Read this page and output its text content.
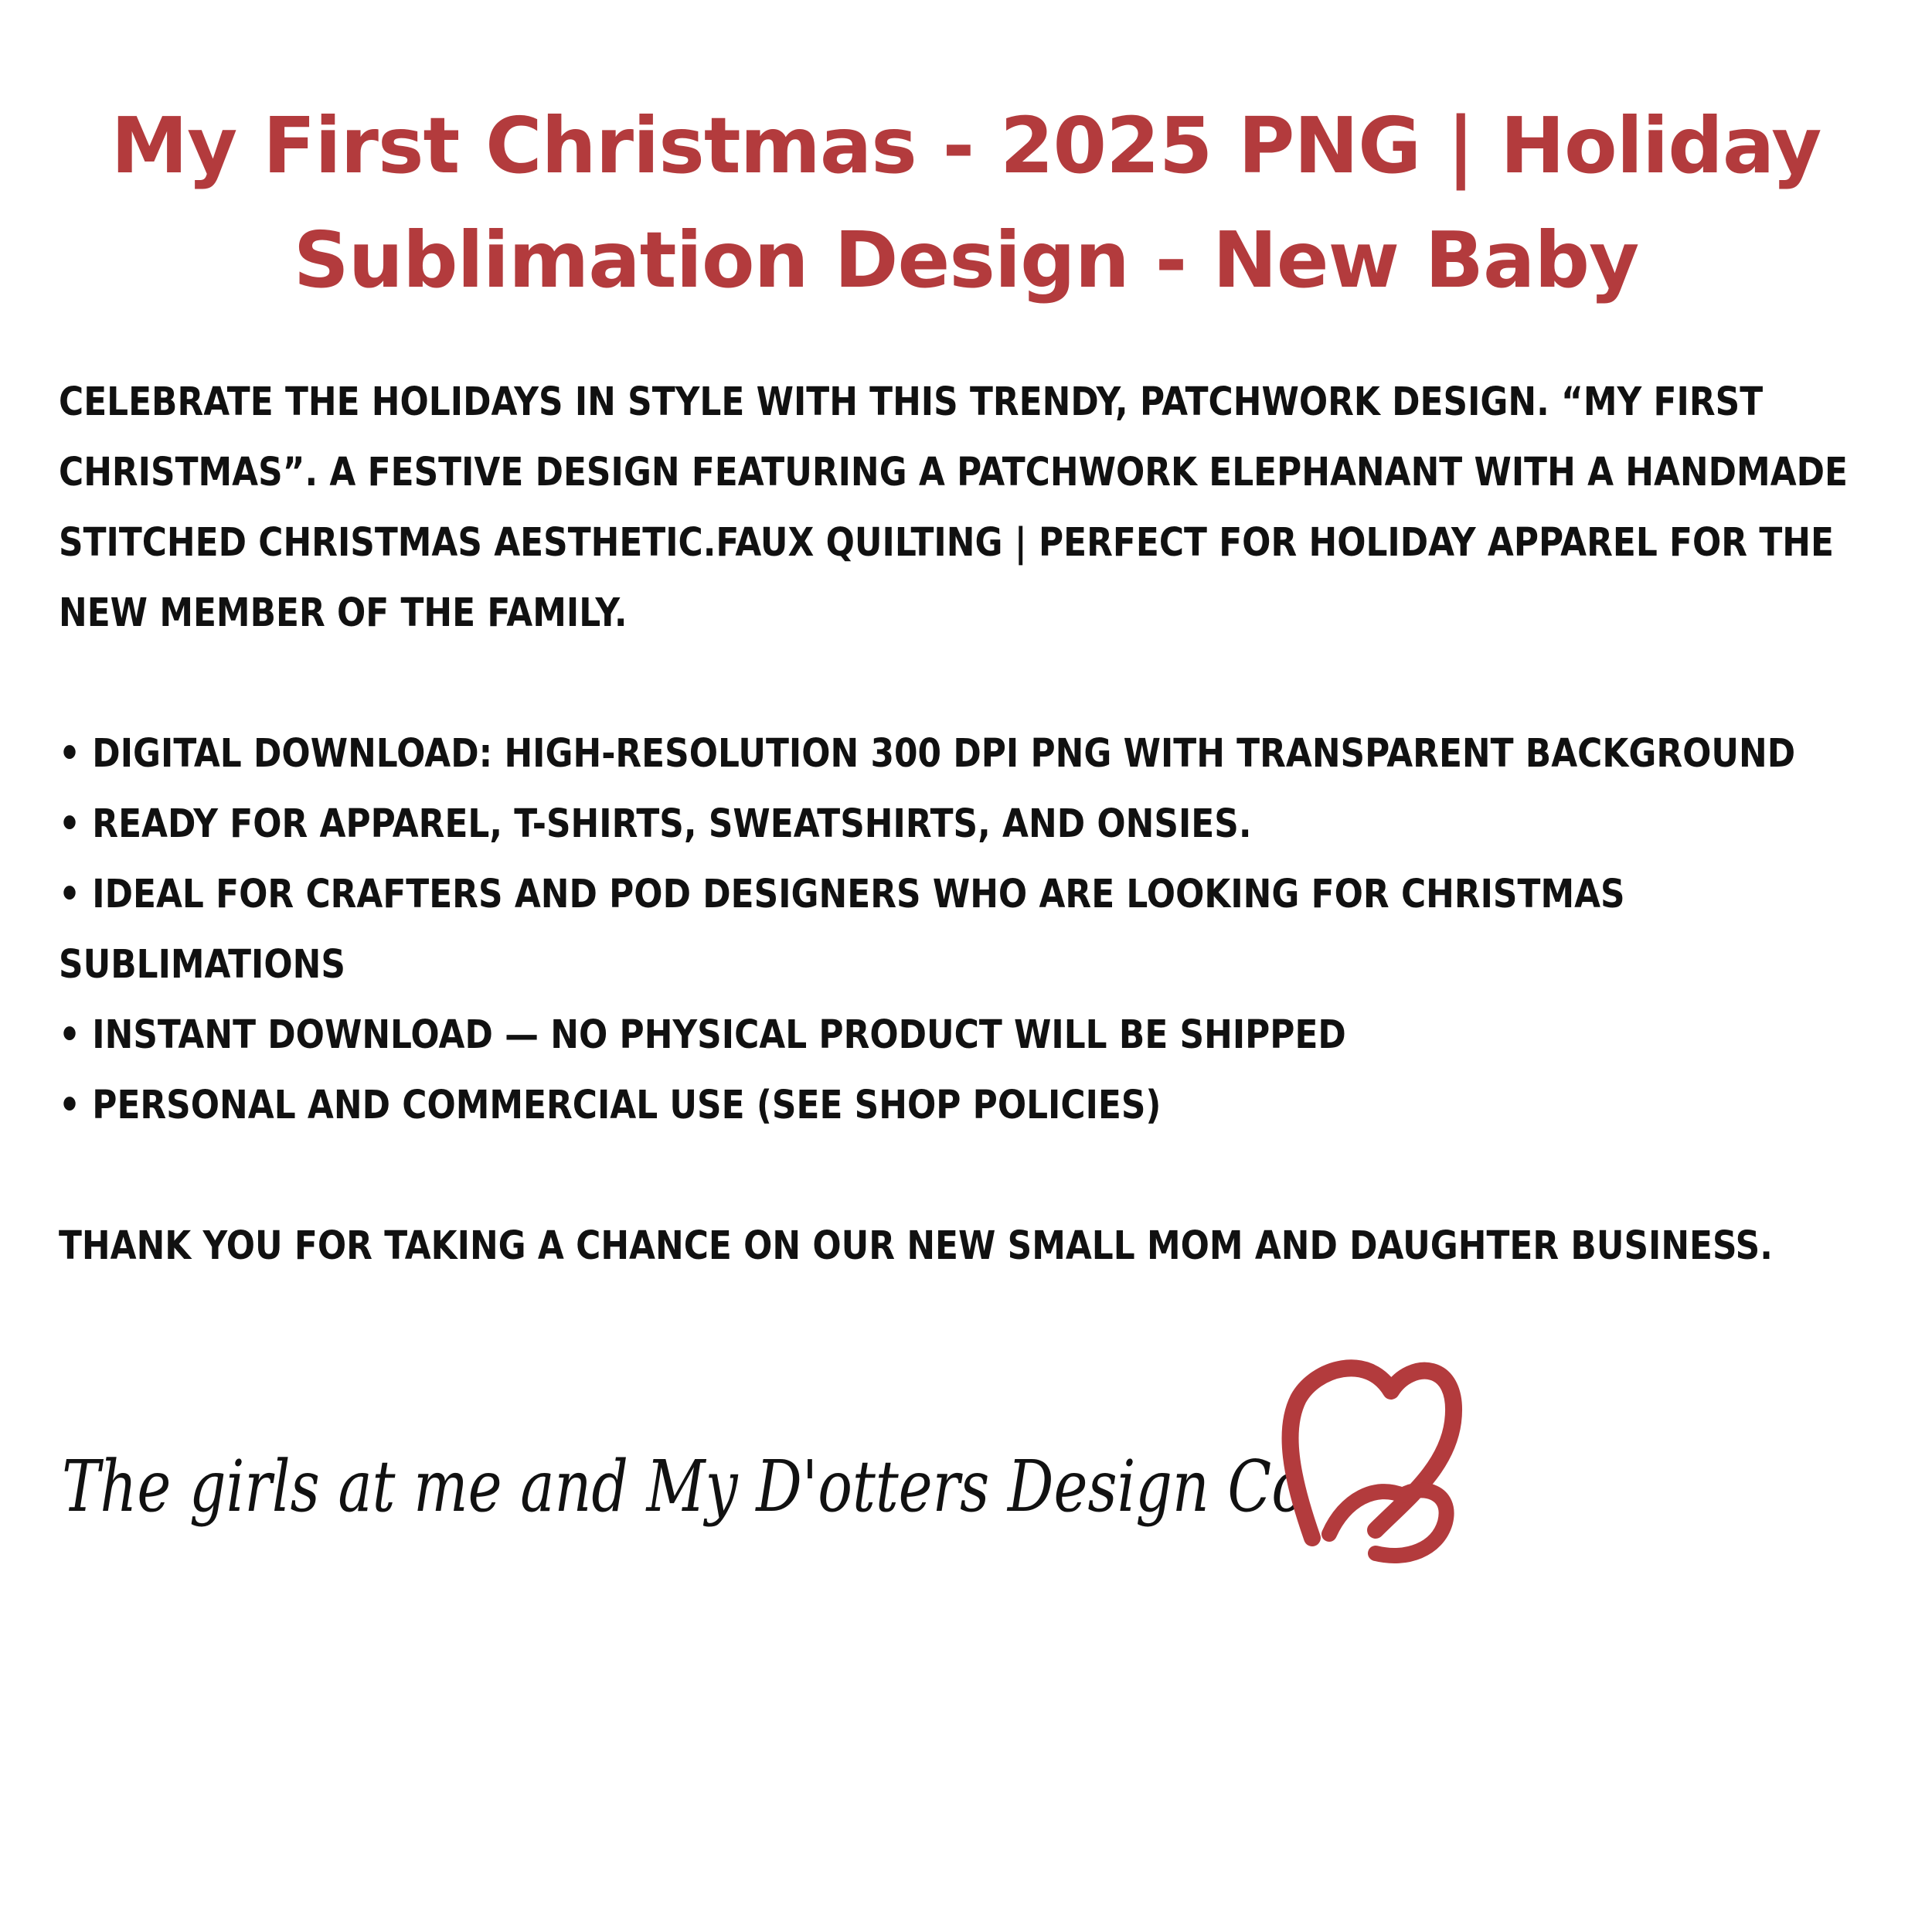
My First Christmas - 2025 PNG | Holiday
Sublimation Design - New Baby

CELEBRATE THE HOLIDAYS IN STYLE WITH THIS TRENDY, PATCHWORK DESIGN. “MY FIRST

CHRISTMAS”. A FESTIVE DESIGN FEATURING A PATCHWORK ELEPHANANT WITH A HANDMADE

STITCHED CHRISTMAS AESTHETIC.FAUX QUILTING | PERFECT FOR HOLIDAY APPAREL FOR THE

NEW MEMBER OF THE FAMILY.

• DIGITAL DOWNLOAD: HIGH-RESOLUTION 300 DPI PNG WITH TRANSPARENT BACKGROUND
• READY FOR APPAREL, T-SHIRTS, SWEATSHIRTS, AND ONSIES.
• IDEAL FOR CRAFTERS AND POD DESIGNERS WHO ARE LOOKING FOR CHRISTMAS
SUBLIMATIONS
• INSTANT DOWNLOAD — NO PHYSICAL PRODUCT WILL BE SHIPPED
• PERSONAL AND COMMERCIAL USE (SEE SHOP POLICIES)

THANK YOU FOR TAKING A CHANCE ON OUR NEW SMALL MOM AND DAUGHTER BUSINESS.

The girls at me and My D'otters Design Co
